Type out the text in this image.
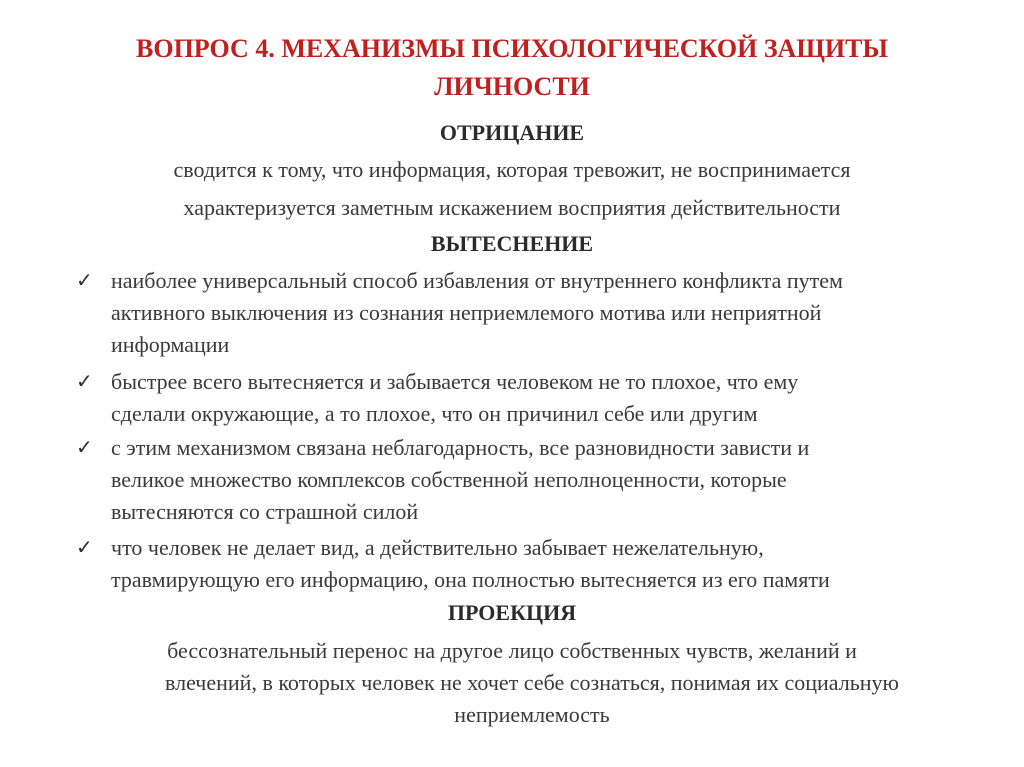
ВОПРОС 4. МЕХАНИЗМЫ ПСИХОЛОГИЧЕСКОЙ ЗАЩИТЫ

ЛИЧНОСТИ

ОТРИЦАНИЕ

сводится к тому, что информация, которая тревожит, не воспринимается

характеризуется заметным искажением восприятия действительности

ВЫТЕСНЕНИЕ

✓ наиболее универсальный способ избавления от внутреннего конфликта путем
активного выключения из сознания неприемлемого мотива или неприятной
информации
✓ быстрее всего вытесняется и забывается человеком не то плохое, что ему
сделали окружающие, а то плохое, что он причинил себе или другим
✓ с этим механизмом связана неблагодарность, все разновидности зависти и
великое множество комплексов собственной неполноценности, которые
вытесняются со страшной силой
✓ что человек не делает вид, а действительно забывает нежелательную,
травмирующую его информацию, она полностью вытесняется из его памяти

ПРОЕКЦИЯ

бессознательный перенос на другое лицо собственных чувств, желаний и

влечений, в которых человек не хочет себе сознаться, понимая их социальную

неприемлемость
